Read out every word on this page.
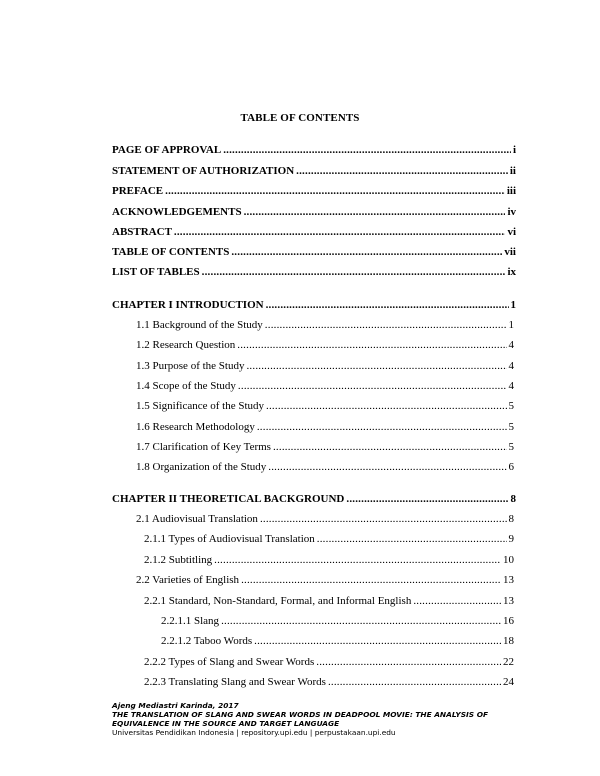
TABLE OF CONTENTS
PAGE OF APPROVAL .....	i
STATEMENT OF AUTHORIZATION .....	ii
PREFACE .....	iii
ACKNOWLEDGEMENTS .....	iv
ABSTRACT .....	vi
TABLE OF CONTENTS .....	vii
LIST OF TABLES .....	ix
CHAPTER I INTRODUCTION .....	1
1.1 Background of the Study .....	1
1.2 Research Question .....	4
1.3 Purpose of the Study .....	4
1.4 Scope of the Study .....	4
1.5 Significance of the Study .....	5
1.6 Research Methodology .....	5
1.7 Clarification of Key Terms .....	5
1.8 Organization of the Study .....	6
CHAPTER II THEORETICAL BACKGROUND .....	8
2.1 Audiovisual Translation .....	8
2.1.1 Types of Audiovisual Translation .....	9
2.1.2 Subtitling .....	10
2.2 Varieties of English .....	13
2.2.1 Standard, Non-Standard, Formal, and Informal English .....	13
2.2.1.1 Slang .....	16
2.2.1.2 Taboo Words .....	18
2.2.2 Types of Slang and Swear Words .....	22
2.2.3 Translating Slang and Swear Words .....	24
Ajeng Mediastri Karinda, 2017
THE TRANSLATION OF SLANG AND SWEAR WORDS IN DEADPOOL MOVIE: THE ANALYSIS OF
EQUIVALENCE IN THE SOURCE AND TARGET LANGUAGE
Universitas Pendidikan Indonesia | repository.upi.edu | perpustakaan.upi.edu
